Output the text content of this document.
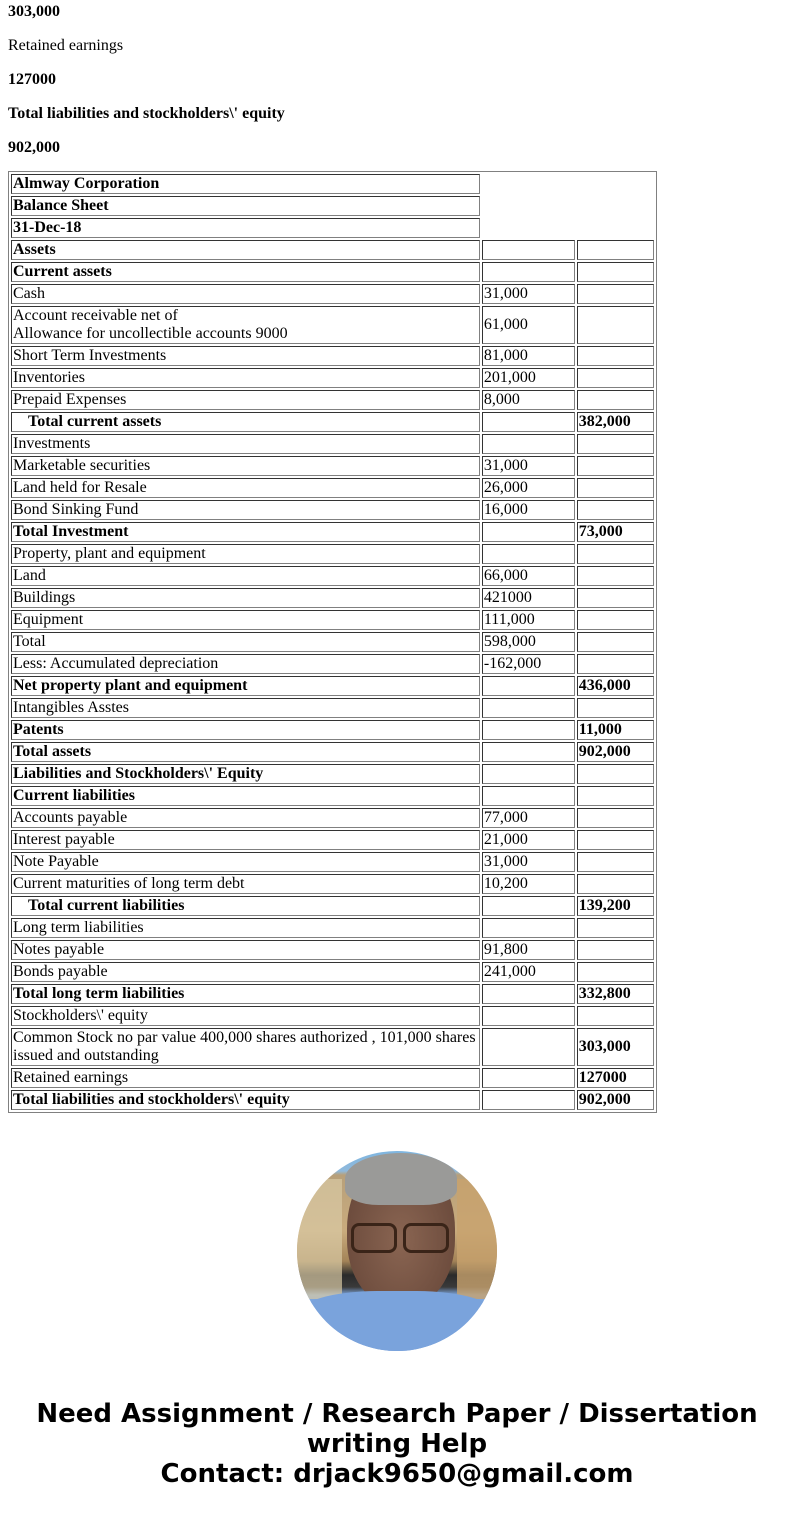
303,000

Retained earnings

127000

Total liabilities and stockholders\' equity

902,000

Almway Corporation		
Balance Sheet		
31-Dec-18		
Assets		
Current assets		
Cash	31,000	
Account receivable net of
Allowance for uncollectible accounts 9000	61,000	
Short Term Investments	81,000	
Inventories	201,000	
Prepaid Expenses	8,000	
Total current assets		382,000
Investments		
Marketable securities	31,000	
Land held for Resale	26,000	
Bond Sinking Fund	16,000	
Total Investment		73,000
Property, plant and equipment		
Land	66,000	
Buildings	421000	
Equipment	111,000	
Total	598,000	
Less: Accumulated depreciation	-162,000	
Net property plant and equipment		436,000
Intangibles Asstes		
Patents		11,000
Total assets		902,000
Liabilities and Stockholders\' Equity		
Current liabilities		
Accounts payable	77,000	
Interest payable	21,000	
Note Payable	31,000	
Current maturities of long term debt	10,200	
Total current liabilities		139,200
Long term liabilities		
Notes payable	91,800	
Bonds payable	241,000	
Total long term liabilities		332,800
Stockholders\' equity		
Common Stock no par value 400,000 shares authorized , 101,000 shares issued and outstanding		303,000
Retained earnings		127000
Total liabilities and stockholders\' equity		902,000
Need Assignment / Research Paper / Dissertation writing Help
Contact: drjack9650@gmail.com
